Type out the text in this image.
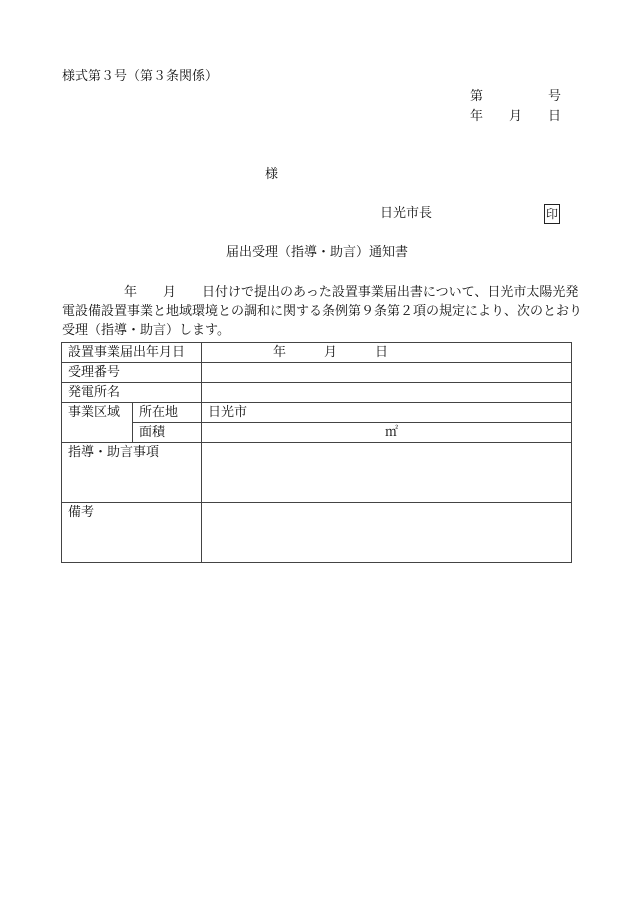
様式第３号（第３条関係）
第	号
年 月 日
様
日光市長	印
届出受理（指導・助言）通知書
年 月 日付けで提出のあった設置事業届出書について、日光市太陽光発
電設備設置事業と地域環境との調和に関する条例第９条第２項の規定により、次のとおり
受理（指導・助言）します。
設置事業届出年月日		年 月 日
受理番号		
発電所名		
事業区域	所在地	日光市
	面積	㎡

指導・助言事項		
備考		
